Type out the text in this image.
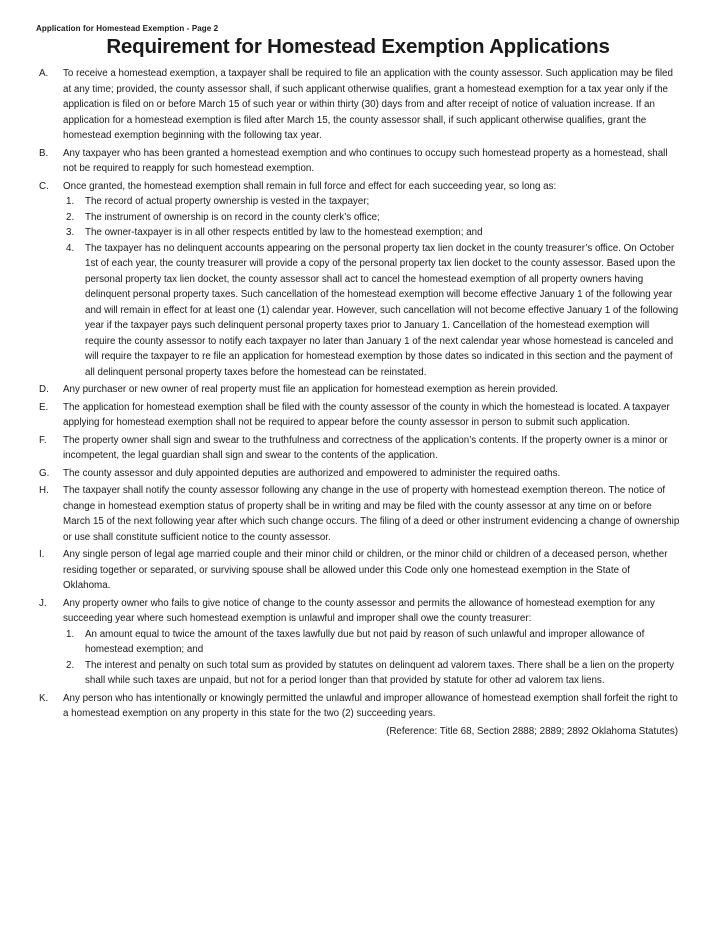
Application for Homestead Exemption - Page 2
Requirement for Homestead Exemption Applications
A. To receive a homestead exemption, a taxpayer shall be required to file an application with the county assessor. Such application may be filed at any time; provided, the county assessor shall, if such applicant otherwise qualifies, grant a homestead exemption for a tax year only if the application is filed on or before March 15 of such year or within thirty (30) days from and after receipt of notice of valuation increase. If an application for a homestead exemption is filed after March 15, the county assessor shall, if such applicant otherwise qualifies, grant the homestead exemption beginning with the following tax year.
B. Any taxpayer who has been granted a homestead exemption and who continues to occupy such homestead property as a homestead, shall not be required to reapply for such homestead exemption.
C. Once granted, the homestead exemption shall remain in full force and effect for each succeeding year, so long as:
1. The record of actual property ownership is vested in the taxpayer;
2. The instrument of ownership is on record in the county clerk’s office;
3. The owner-taxpayer is in all other respects entitled by law to the homestead exemption; and
4. The taxpayer has no delinquent accounts appearing on the personal property tax lien docket in the county treasurer’s office. On October 1st of each year, the county treasurer will provide a copy of the personal property tax lien docket to the county assessor. Based upon the personal property tax lien docket, the county assessor shall act to cancel the homestead exemption of all property owners having delinquent personal property taxes. Such cancellation of the homestead exemption will become effective January 1 of the following year and will remain in effect for at least one (1) calendar year. However, such cancellation will not become effective January 1 of the following year if the taxpayer pays such delinquent personal property taxes prior to January 1. Cancellation of the homestead exemption will require the county assessor to notify each taxpayer no later than January 1 of the next calendar year whose homestead is canceled and will require the taxpayer to re file an application for homestead exemption by those dates so indicated in this section and the payment of all delinquent personal property taxes before the homestead can be reinstated.
D. Any purchaser or new owner of real property must file an application for homestead exemption as herein provided.
E. The application for homestead exemption shall be filed with the county assessor of the county in which the homestead is located. A taxpayer applying for homestead exemption shall not be required to appear before the county assessor in person to submit such application.
F. The property owner shall sign and swear to the truthfulness and correctness of the application’s contents. If the property owner is a minor or incompetent, the legal guardian shall sign and swear to the contents of the application.
G. The county assessor and duly appointed deputies are authorized and empowered to administer the required oaths.
H. The taxpayer shall notify the county assessor following any change in the use of property with homestead exemption thereon. The notice of change in homestead exemption status of property shall be in writing and may be filed with the county assessor at any time on or before March 15 of the next following year after which such change occurs. The filing of a deed or other instrument evidencing a change of ownership or use shall constitute sufficient notice to the county assessor.
I. Any single person of legal age married couple and their minor child or children, or the minor child or children of a deceased person, whether residing together or separated, or surviving spouse shall be allowed under this Code only one homestead exemption in the State of Oklahoma.
J. Any property owner who fails to give notice of change to the county assessor and permits the allowance of homestead exemption for any succeeding year where such homestead exemption is unlawful and improper shall owe the county treasurer:
1. An amount equal to twice the amount of the taxes lawfully due but not paid by reason of such unlawful and improper allowance of homestead exemption; and
2. The interest and penalty on such total sum as provided by statutes on delinquent ad valorem taxes. There shall be a lien on the property shall while such taxes are unpaid, but not for a period longer than that provided by statute for other ad valorem tax liens.
K. Any person who has intentionally or knowingly permitted the unlawful and improper allowance of homestead exemption shall forfeit the right to a homestead exemption on any property in this state for the two (2) succeeding years.
(Reference: Title 68, Section 2888; 2889; 2892 Oklahoma Statutes)
